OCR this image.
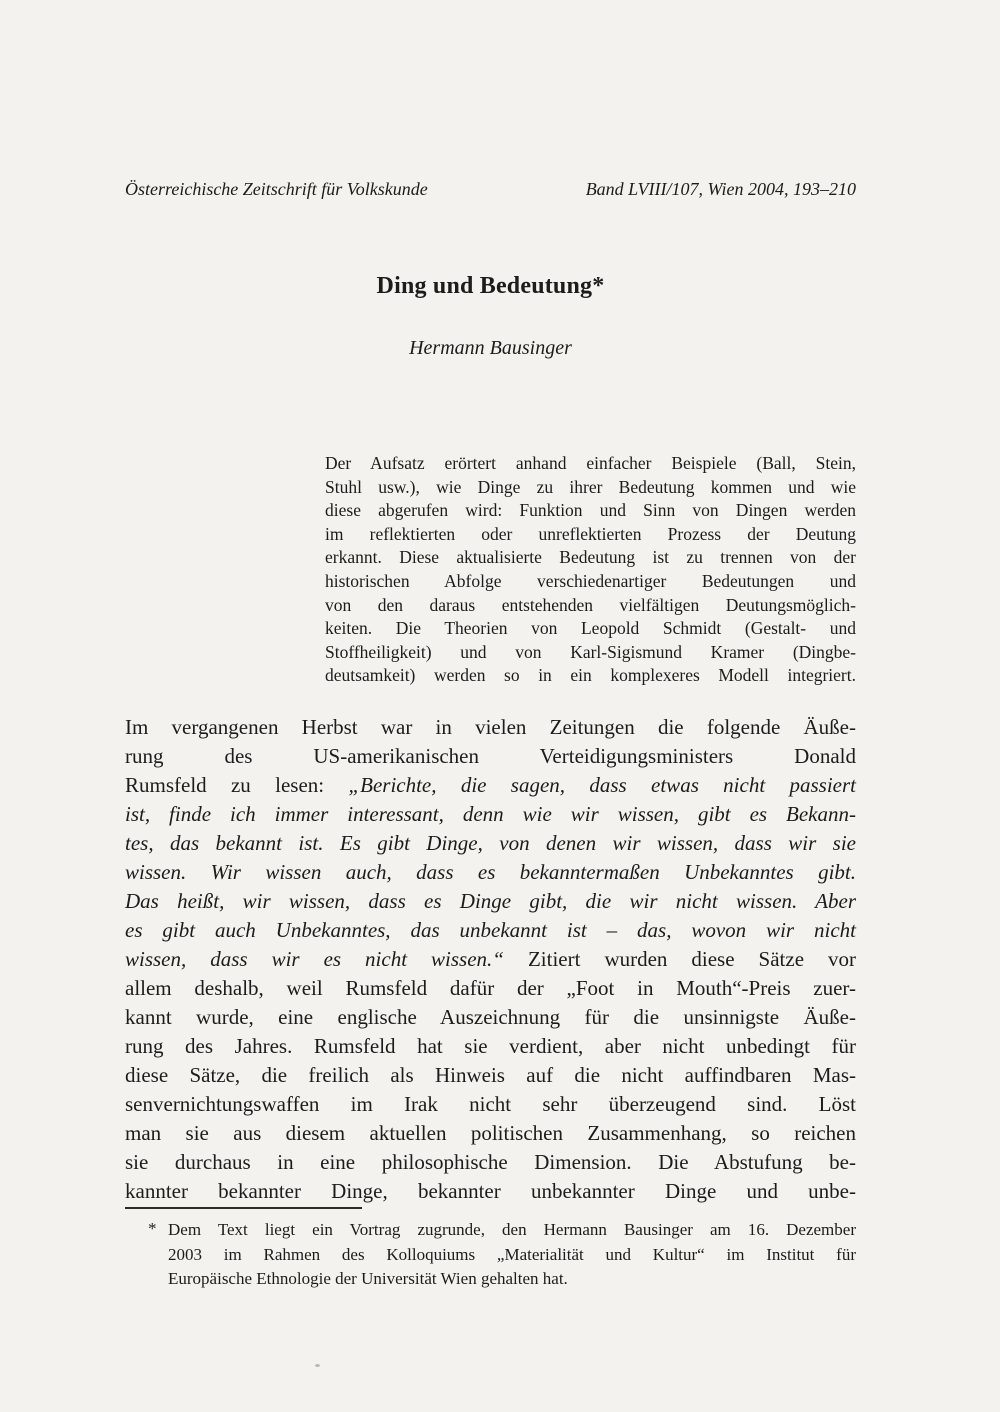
Österreichische Zeitschrift für Volkskunde	Band LVIII/107, Wien 2004, 193–210
Ding und Bedeutung*
Hermann Bausinger
Der Aufsatz erörtert anhand einfacher Beispiele (Ball, Stein,
Stuhl usw.), wie Dinge zu ihrer Bedeutung kommen und wie
diese abgerufen wird: Funktion und Sinn von Dingen werden
im reflektierten oder unreflektierten Prozess der Deutung
erkannt. Diese aktualisierte Bedeutung ist zu trennen von der
historischen Abfolge verschiedenartiger Bedeutungen und
von den daraus entstehenden vielfältigen Deutungsmöglich-
keiten. Die Theorien von Leopold Schmidt (Gestalt- und
Stoffheiligkeit) und von Karl-Sigismund Kramer (Dingbe-
deutsamkeit) werden so in ein komplexeres Modell integriert.
Im vergangenen Herbst war in vielen Zeitungen die folgende Äuße-
rung des US-amerikanischen Verteidigungsministers Donald
Rumsfeld zu lesen: „Berichte, die sagen, dass etwas nicht passiert
ist, finde ich immer interessant, denn wie wir wissen, gibt es Bekann-
tes, das bekannt ist. Es gibt Dinge, von denen wir wissen, dass wir sie
wissen. Wir wissen auch, dass es bekanntermaßen Unbekanntes gibt.
Das heißt, wir wissen, dass es Dinge gibt, die wir nicht wissen. Aber
es gibt auch Unbekanntes, das unbekannt ist – das, wovon wir nicht
wissen, dass wir es nicht wissen.“ Zitiert wurden diese Sätze vor
allem deshalb, weil Rumsfeld dafür der „Foot in Mouth“-Preis zuer-
kannt wurde, eine englische Auszeichnung für die unsinnigste Äuße-
rung des Jahres. Rumsfeld hat sie verdient, aber nicht unbedingt für
diese Sätze, die freilich als Hinweis auf die nicht auffindbaren Mas-
senvernichtungswaffen im Irak nicht sehr überzeugend sind. Löst
man sie aus diesem aktuellen politischen Zusammenhang, so reichen
sie durchaus in eine philosophische Dimension. Die Abstufung be-
kannter bekannter Dinge, bekannter unbekannter Dinge und unbe-
* Dem Text liegt ein Vortrag zugrunde, den Hermann Bausinger am 16. Dezember
2003 im Rahmen des Kolloquiums „Materialität und Kultur“ im Institut für
Europäische Ethnologie der Universität Wien gehalten hat.
